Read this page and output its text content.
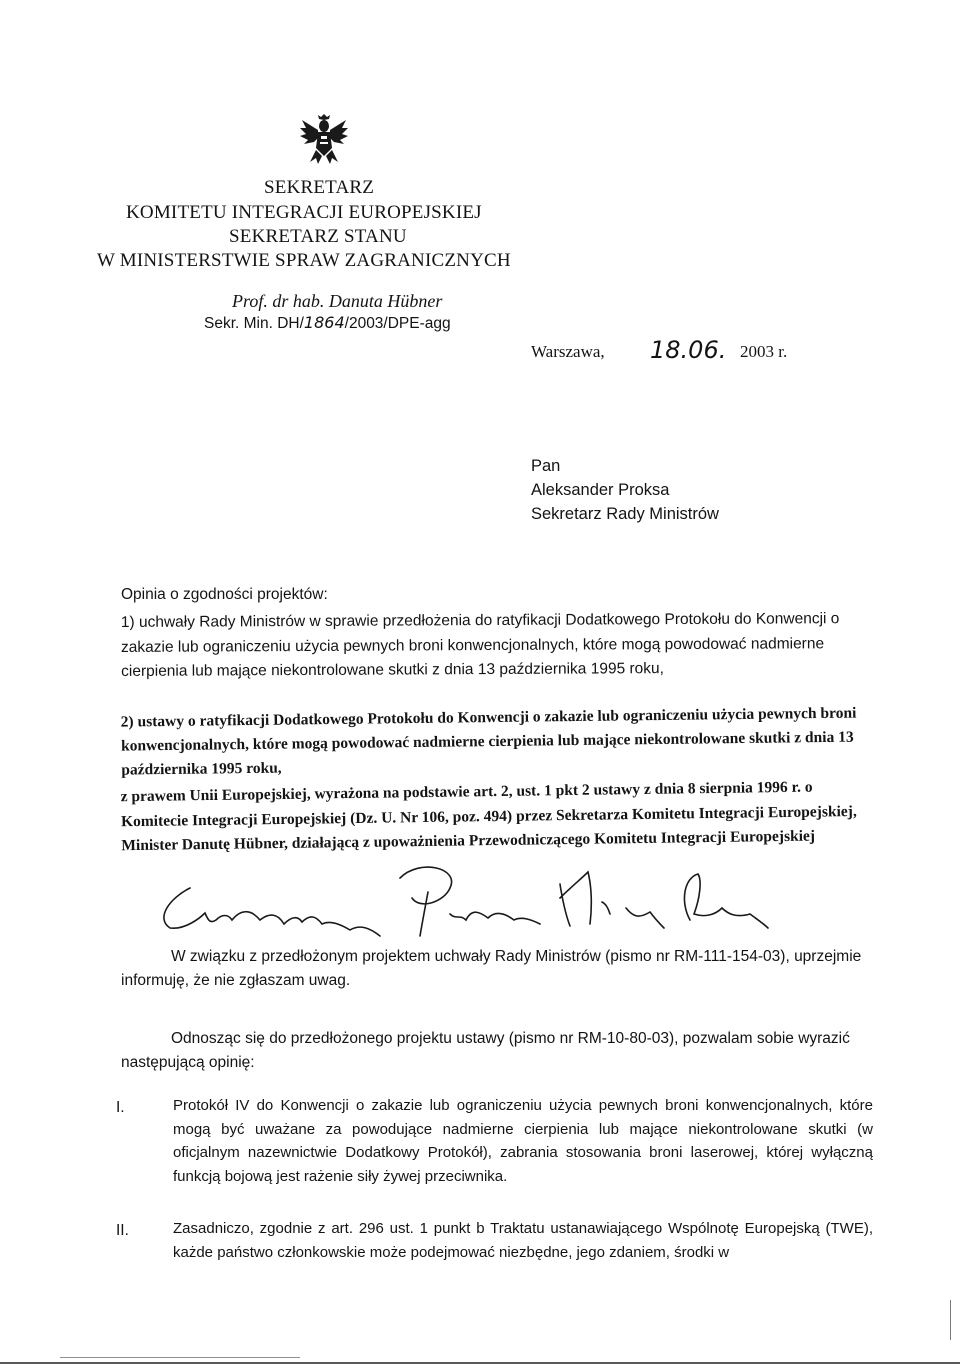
SEKRETARZ
KOMITETU INTEGRACJI EUROPEJSKIEJ
SEKRETARZ STANU
W MINISTERSTWIE SPRAW ZAGRANICZNYCH
Prof. dr hab. Danuta Hübner
Sekr. Min. DH/1864/2003/DPE-agg
Warszawa, 18.06. 2003 r.
Pan
Aleksander Proksa
Sekretarz Rady Ministrów
Opinia o zgodności projektów:
1) uchwały Rady Ministrów w sprawie przedłożenia do ratyfikacji Dodatkowego Protokołu do Konwencji o zakazie lub ograniczeniu użycia pewnych broni konwencjonalnych, które mogą powodować nadmierne cierpienia lub mające niekontrolowane skutki z dnia 13 października 1995 roku,
2) ustawy o ratyfikacji Dodatkowego Protokołu do Konwencji o zakazie lub ograniczeniu użycia pewnych broni konwencjonalnych, które mogą powodować nadmierne cierpienia lub mające niekontrolowane skutki z dnia 13 października 1995 roku,
z prawem Unii Europejskiej, wyrażona na podstawie art. 2, ust. 1 pkt 2 ustawy z dnia 8 sierpnia 1996 r. o Komitecie Integracji Europejskiej (Dz. U. Nr 106, poz. 494) przez Sekretarza Komitetu Integracji Europejskiej, Minister Danutę Hübner, działającą z upoważnienia Przewodniczącego Komitetu Integracji Europejskiej
W związku z przedłożonym projektem uchwały Rady Ministrów (pismo nr RM-111-154-03), uprzejmie informuję, że nie zgłaszam uwag.
Odnosząc się do przedłożonego projektu ustawy (pismo nr RM-10-80-03), pozwalam sobie wyrazić następującą opinię:
I.	Protokół IV do Konwencji o zakazie lub ograniczeniu użycia pewnych broni konwencjonalnych, które mogą być uważane za powodujące nadmierne cierpienia lub mające niekontrolowane skutki (w oficjalnym nazewnictwie Dodatkowy Protokół), zabrania stosowania broni laserowej, której wyłączną funkcją bojową jest rażenie siły żywej przeciwnika.
II.	Zasadniczo, zgodnie z art. 296 ust. 1 punkt b Traktatu ustanawiającego Wspólnotę Europejską (TWE), każde państwo członkowskie może podejmować niezbędne, jego zdaniem, środki w
